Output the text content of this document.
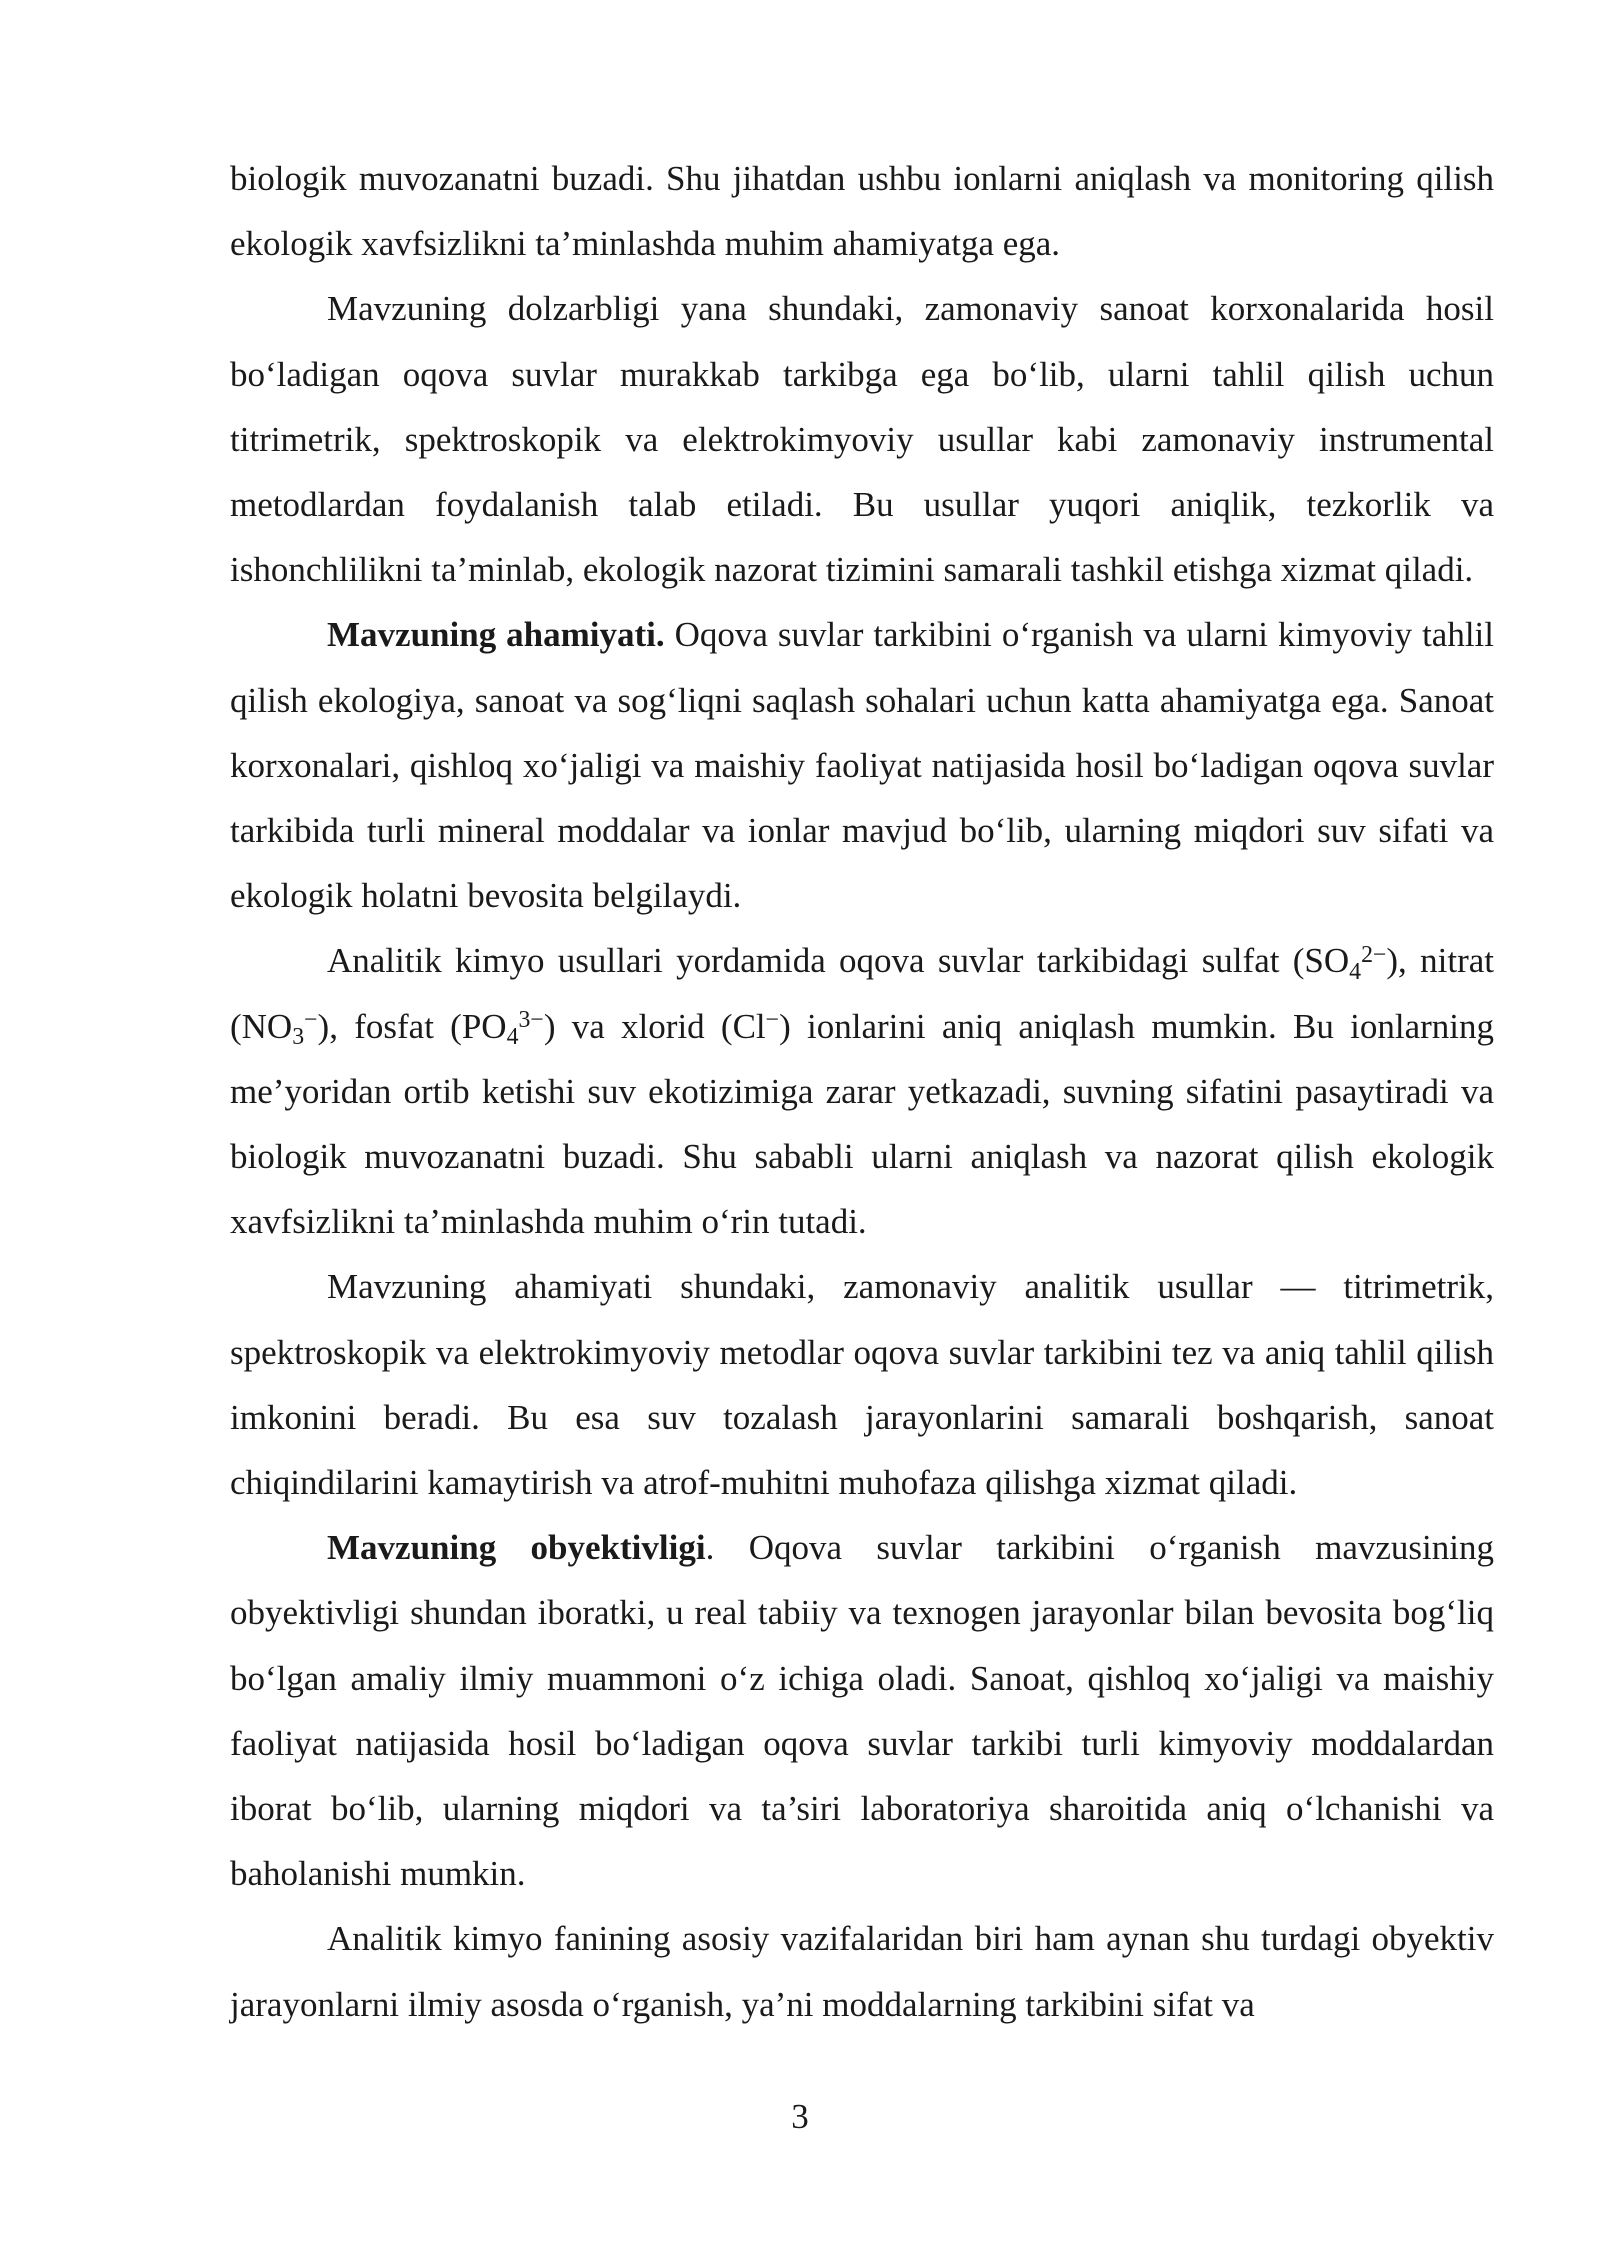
biologik muvozanatni buzadi. Shu jihatdan ushbu ionlarni aniqlash va monitoring qilish ekologik xavfsizlikni ta’minlashda muhim ahamiyatga ega.

Mavzuning dolzarbligi yana shundaki, zamonaviy sanoat korxonalarida hosil bo‘ladigan oqova suvlar murakkab tarkibga ega bo‘lib, ularni tahlil qilish uchun titrimetrik, spektroskopik va elektrokimyoviy usullar kabi zamonaviy instrumental metodlardan foydalanish talab etiladi. Bu usullar yuqori aniqlik, tezkorlik va ishonchlilikni ta’minlab, ekologik nazorat tizimini samarali tashkil etishga xizmat qiladi.

Mavzuning ahamiyati. Oqova suvlar tarkibini o‘rganish va ularni kimyoviy tahlil qilish ekologiya, sanoat va sog‘liqni saqlash sohalari uchun katta ahamiyatga ega. Sanoat korxonalari, qishloq xo‘jaligi va maishiy faoliyat natijasida hosil bo‘ladigan oqova suvlar tarkibida turli mineral moddalar va ionlar mavjud bo‘lib, ularning miqdori suv sifati va ekologik holatni bevosita belgilaydi.

Analitik kimyo usullari yordamida oqova suvlar tarkibidagi sulfat $(SO_4^{2-})$, nitrat $(NO_3^-)$, fosfat $(PO_4^{3-})$ va xlorid (Cl−) ionlarini aniq aniqlash mumkin. Bu ionlarning me’yoridan ortib ketishi suv ekotizimiga zarar yetkazadi, suvning sifatini pasaytiradi va biologik muvozanatni buzadi. Shu sababli ularni aniqlash va nazorat qilish ekologik xavfsizlikni ta’minlashda muhim o‘rin tutadi.

Mavzuning ahamiyati shundaki, zamonaviy analitik usullar — titrimetrik, spektroskopik va elektrokimyoviy metodlar oqova suvlar tarkibini tez va aniq tahlil qilish imkonini beradi. Bu esa suv tozalash jarayonlarini samarali boshqarish, sanoat chiqindilarini kamaytirish va atrof-muhitni muhofaza qilishga xizmat qiladi.

Mavzuning obyektivligi. Oqova suvlar tarkibini o‘rganish mavzusining obyektivligi shundan iboratki, u real tabiiy va texnogen jarayonlar bilan bevosita bog‘liq bo‘lgan amaliy ilmiy muammoni o‘z ichiga oladi. Sanoat, qishloq xo‘jaligi va maishiy faoliyat natijasida hosil bo‘ladigan oqova suvlar tarkibi turli kimyoviy moddalardan iborat bo‘lib, ularning miqdori va ta’siri laboratoriya sharoitida aniq o‘lchanishi va baholanishi mumkin.

Analitik kimyo fanining asosiy vazifalaridan biri ham aynan shu turdagi obyektiv jarayonlarni ilmiy asosda o‘rganish, ya’ni moddalarning tarkibini sifat va

3
